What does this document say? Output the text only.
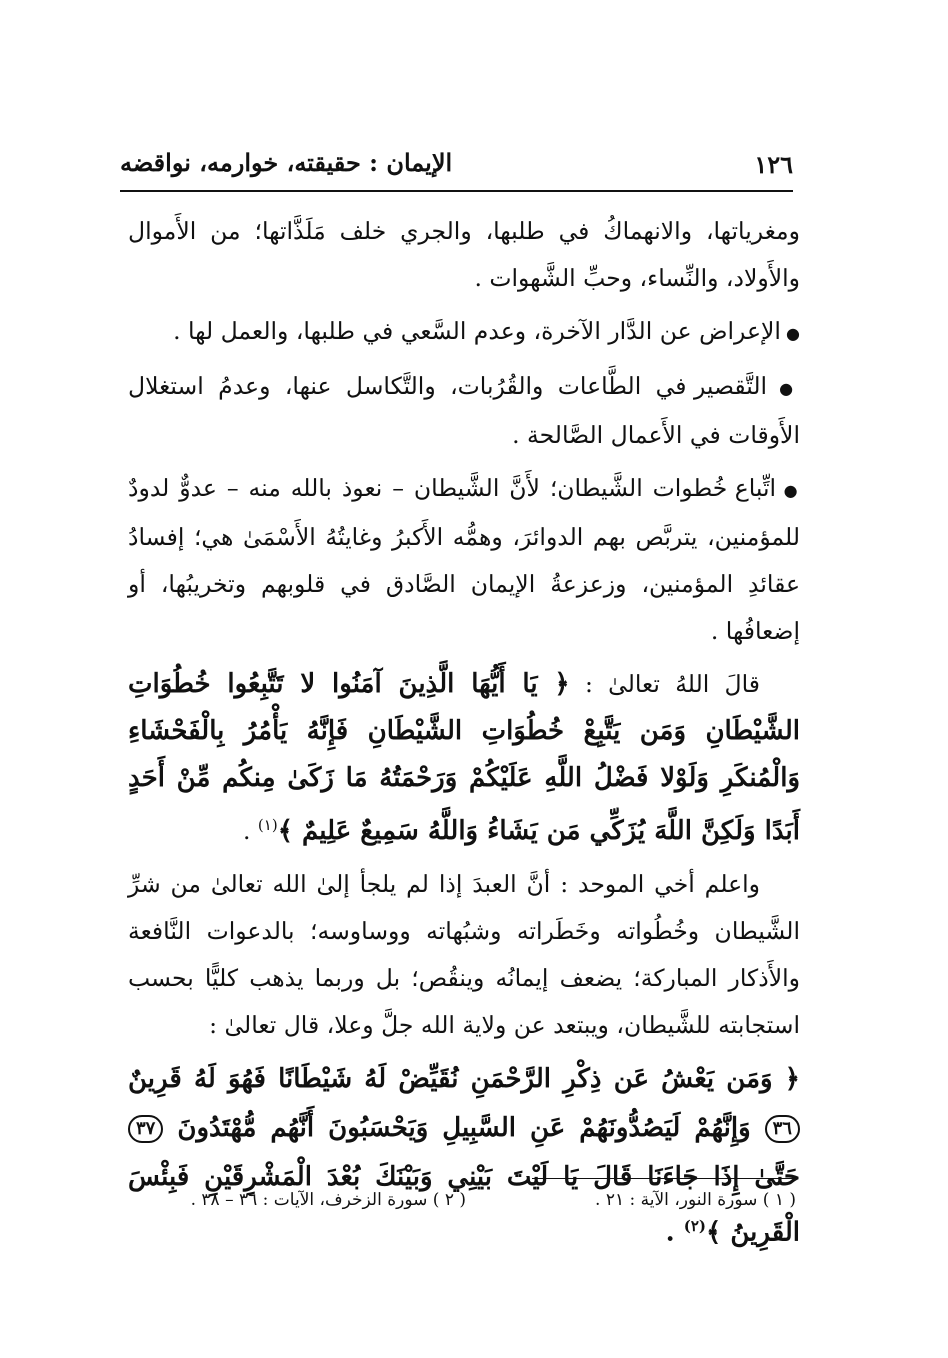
١٢٦
الإيمان : حقيقته، خوارمه، نواقضه

ومغرياتها، والانهماكُ في طلبها، والجري خلف مَلَذَّاتها؛ من الأَموال والأَولاد، والنِّساء، وحبِّ الشَّهوات .

● الإعراض عن الدَّار الآخرة، وعدم السَّعي في طلبها، والعمل لها .

● التَّقصير في الطَّاعات والقُرُبات، والتَّكاسل عنها، وعدمُ استغلال الأَوقات في الأَعمال الصَّالحة .

● اتِّباع خُطوات الشَّيطان؛ لأَنَّ الشَّيطان – نعوذ بالله منه – عدوٌّ لدودٌ للمؤمنين، يتربَّص بهم الدوائرَ، وهمُّه الأَكبرُ وغايتُهُ الأَسْمَىٰ هي؛ إفسادُ عقائدِ المؤمنين، وزعزعةُ الإيمان الصَّادق في قلوبهم وتخريبُها، أو إضعافُها .

قالَ اللهُ تعالىٰ : ﴿ يَا أَيُّهَا الَّذِينَ آمَنُوا لا تَتَّبِعُوا خُطُوَاتِ الشَّيْطَانِ وَمَن يَتَّبِعْ خُطُوَاتِ الشَّيْطَانِ فَإِنَّهُ يَأْمُرُ بِالْفَحْشَاءِ وَالْمُنكَرِ وَلَوْلا فَضْلُ اللَّهِ عَلَيْكُمْ وَرَحْمَتُهُ مَا زَكَىٰ مِنكُم مِّنْ أَحَدٍ أَبَدًا وَلَكِنَّ اللَّهَ يُزَكِّي مَن يَشَاءُ وَاللَّهُ سَمِيعٌ عَلِيمٌ ﴾$^{(١)}$ .

واعلم أخي الموحد : أنَّ العبدَ إذا لم يلجأ إلىٰ الله تعالىٰ من شرِّ الشَّيطان وخُطُواته وخَطَراته وشبُهاته ووساوسه؛ بالدعوات النَّافعة والأَذكار المباركة؛ يضعف إيمانُه وينقُص؛ بل وربما يذهب كليًّا بحسب استجابته للشَّيطان، ويبتعد عن ولاية الله جلَّ وعلا، قال تعالىٰ :

﴿ وَمَن يَعْشُ عَن ذِكْرِ الرَّحْمَنِ نُقَيِّضْ لَهُ شَيْطَانًا فَهُوَ لَهُ قَرِينٌ ٣٦ وَإِنَّهُمْ لَيَصُدُّونَهُمْ عَنِ السَّبِيلِ وَيَحْسَبُونَ أَنَّهُم مُّهْتَدُونَ ٣٧ حَتَّىٰ إِذَا جَاءَنَا قَالَ يَا لَيْتَ بَيْنِي وَبَيْنَكَ بُعْدَ الْمَشْرِقَيْنِ فَبِئْسَ الْقَرِينُ ﴾$^{(٢)}$ .

( ١ ) سورة النور، الآية : ٢١ .
( ٢ ) سورة الزخرف، الآيات : ٣٦ – ٣٨ .
